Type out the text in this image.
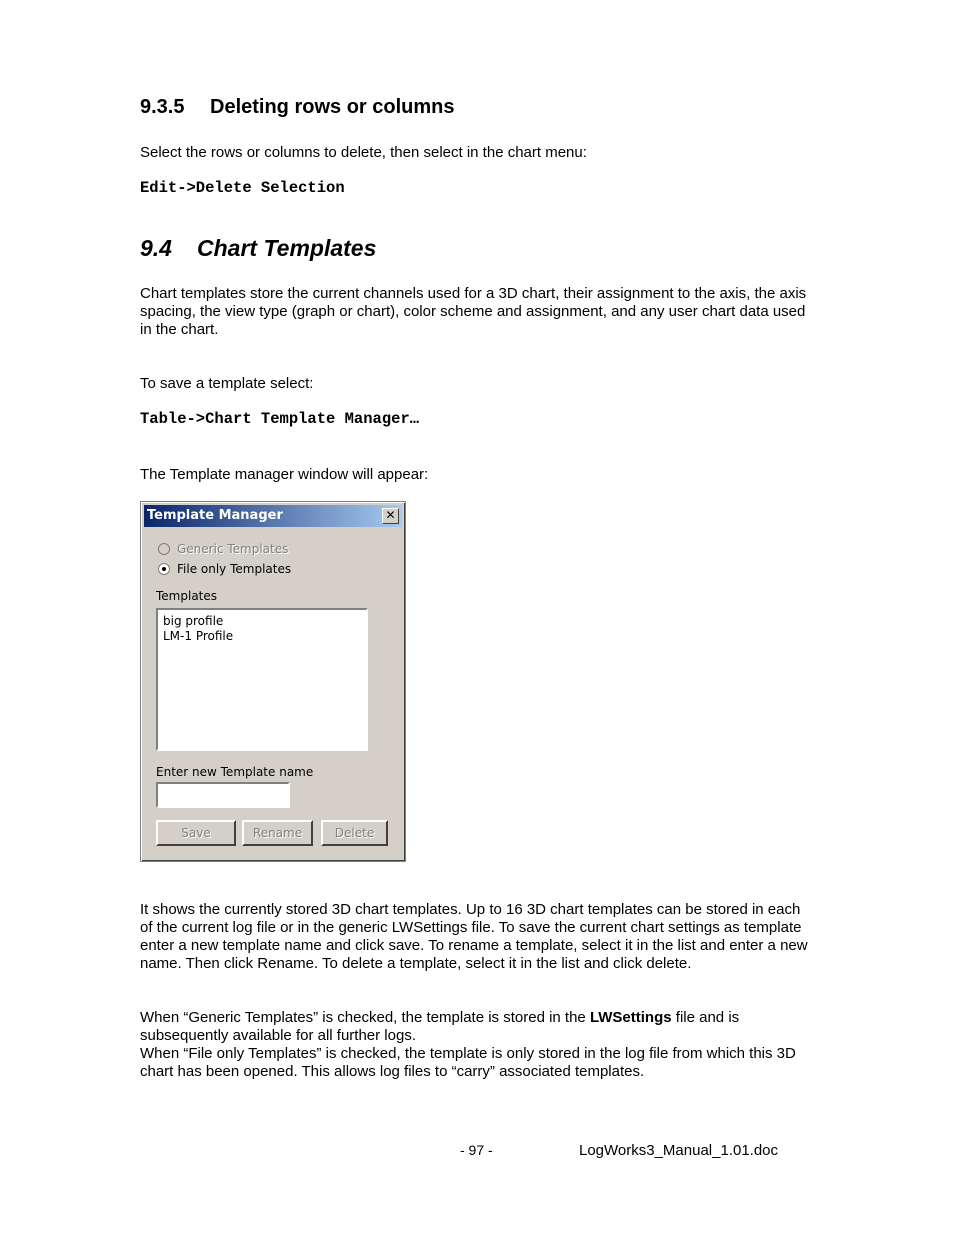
9.3.5 Deleting rows or columns
Select the rows or columns to delete, then select in the chart menu:
Edit->Delete Selection
9.4 Chart Templates
Chart templates store the current channels used for a 3D chart, their assignment to the axis, the axis spacing, the view type (graph or chart), color scheme and assignment, and any user chart data used in the chart.
To save a template select:
Table->Chart Template Manager…
The Template manager window will appear:
Template Manager	✕
Generic Templates
File only Templates
Templates
big profile
LM-1 Profile
Enter new Template name
Save	Rename	Delete
It shows the currently stored 3D chart templates. Up to 16 3D chart templates can be stored in each of the current log file or in the generic LWSettings file. To save the current chart settings as template enter a new template name and click save. To rename a template, select it in the list and enter a new name. Then click Rename. To delete a template, select it in the list and click delete.
When “Generic Templates” is checked, the template is stored in the LWSettings file and is subsequently available for all further logs.
When “File only Templates” is checked, the template is only stored in the log file from which this 3D chart has been opened. This allows log files to “carry” associated templates.
- 97 -	LogWorks3_Manual_1.01.doc
